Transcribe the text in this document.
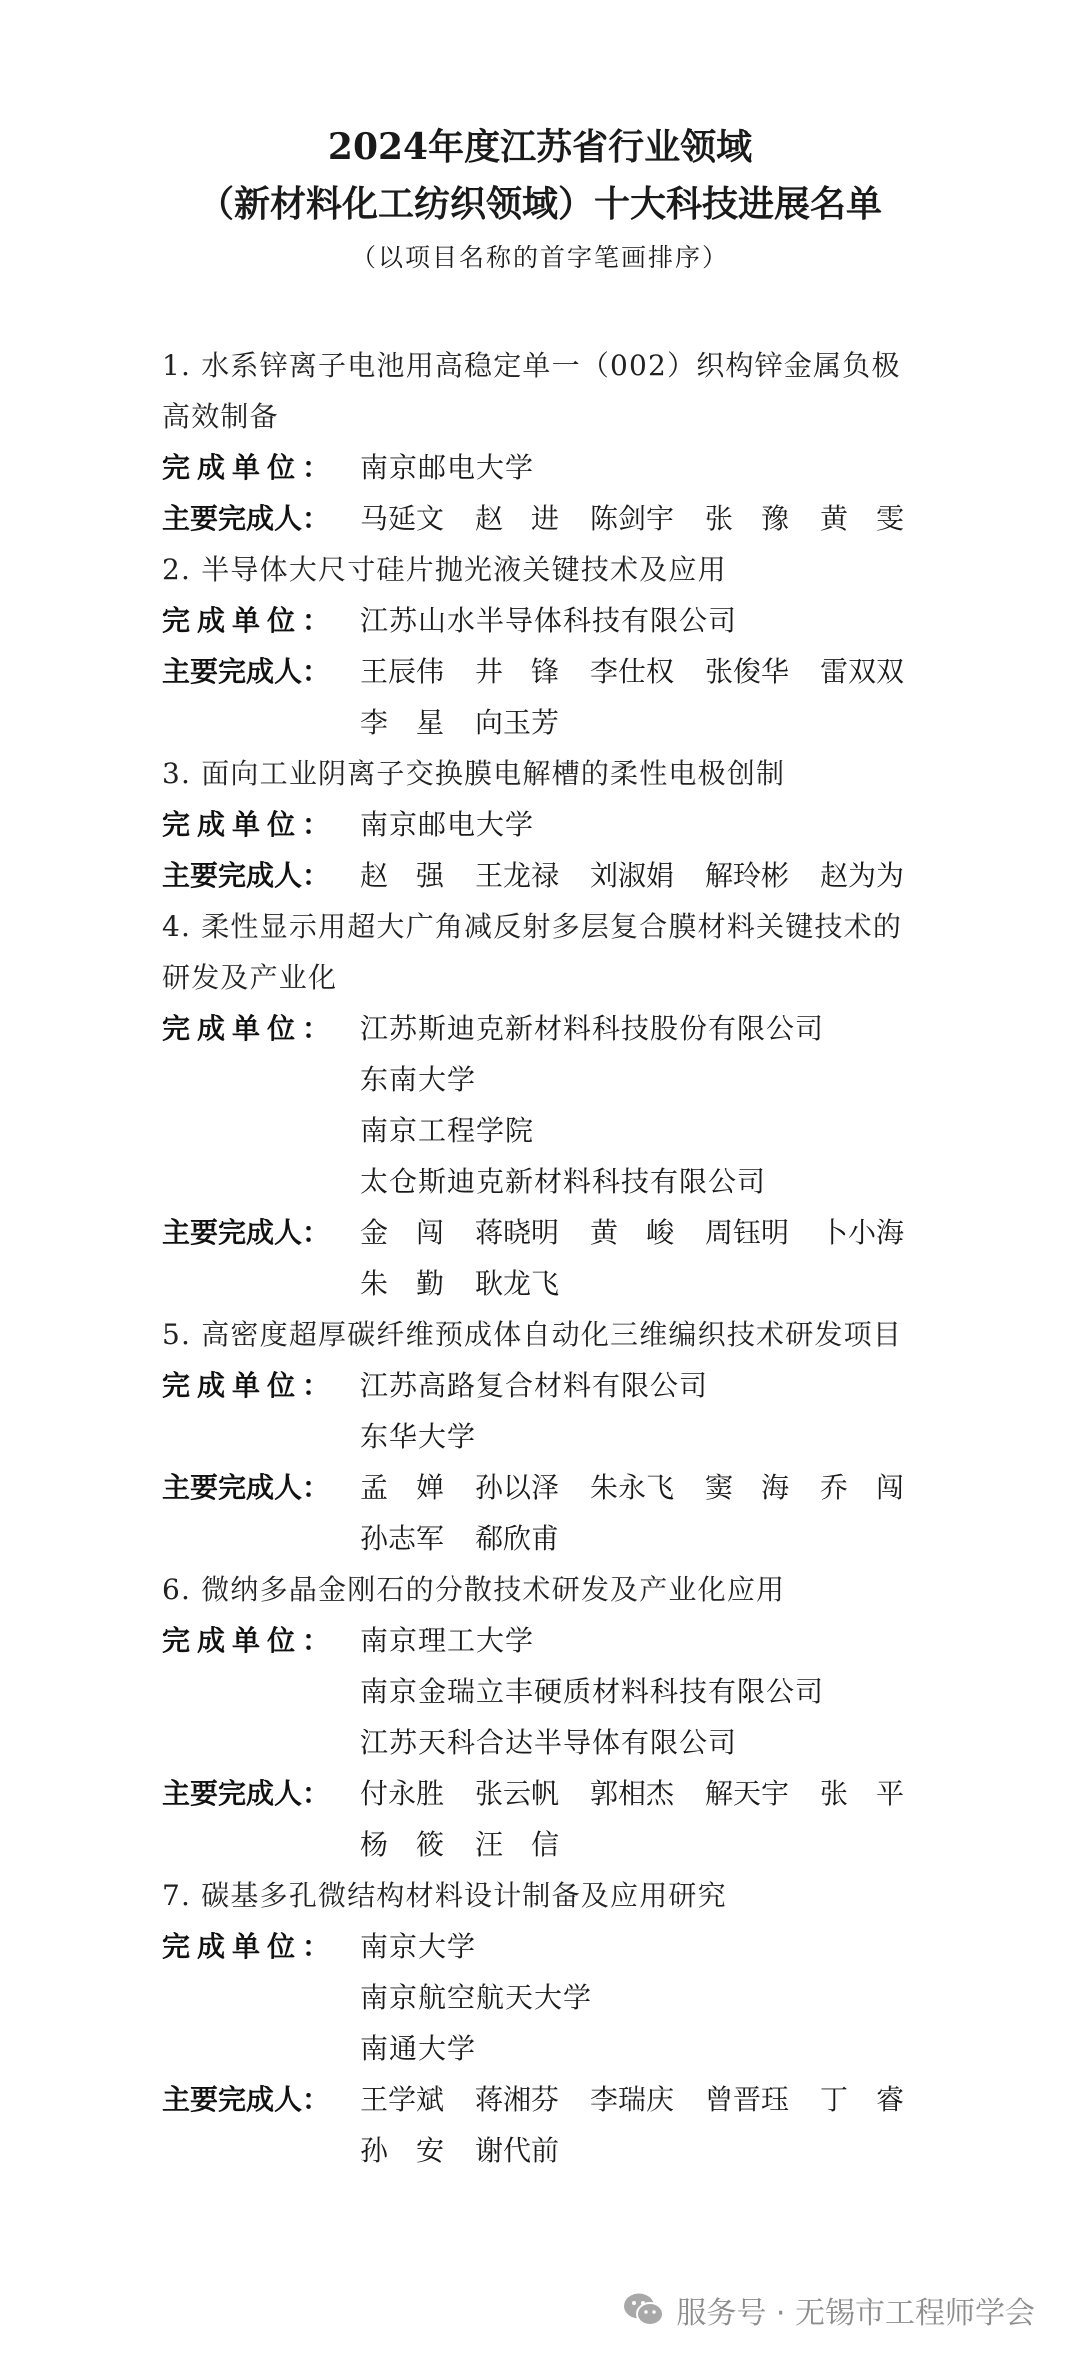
2024年度江苏省行业领域
（新材料化工纺织领域）十大科技进展名单
（以项目名称的首字笔画排序）
1. 水系锌离子电池用高稳定单一（002）织构锌金属负极高效制备
完成单位： 南京邮电大学
主要完成人：	马延文 赵　进 陈剑宇 张　豫 黄　雯
2. 半导体大尺寸硅片抛光液关键技术及应用
完成单位： 江苏山水半导体科技有限公司
主要完成人：	王辰伟 井　锋 李仕权 张俊华 雷双双
李　星 向玉芳
3. 面向工业阴离子交换膜电解槽的柔性电极创制
完成单位： 南京邮电大学
主要完成人：	赵　强 王龙禄 刘淑娟 解玲彬 赵为为
4. 柔性显示用超大广角减反射多层复合膜材料关键技术的研发及产业化
完成单位： 江苏斯迪克新材料科技股份有限公司
东南大学
南京工程学院
太仓斯迪克新材料科技有限公司
主要完成人：	金　闯 蒋晓明 黄　峻 周钰明 卜小海
朱　勤 耿龙飞
5. 高密度超厚碳纤维预成体自动化三维编织技术研发项目
完成单位： 江苏高路复合材料有限公司
东华大学
主要完成人：	孟　婵 孙以泽 朱永飞 窦　海 乔　闯
孙志军 郗欣甫
6. 微纳多晶金刚石的分散技术研发及产业化应用
完成单位： 南京理工大学
南京金瑞立丰硬质材料科技有限公司
江苏天科合达半导体有限公司
主要完成人：	付永胜 张云帆 郭相杰 解天宇 张　平
杨　筱 汪　信
7. 碳基多孔微结构材料设计制备及应用研究
完成单位： 南京大学
南京航空航天大学
南通大学
主要完成人：	王学斌 蒋湘芬 李瑞庆 曾晋珏 丁　睿
孙　安 谢代前
服务号 · 无锡市工程师学会
